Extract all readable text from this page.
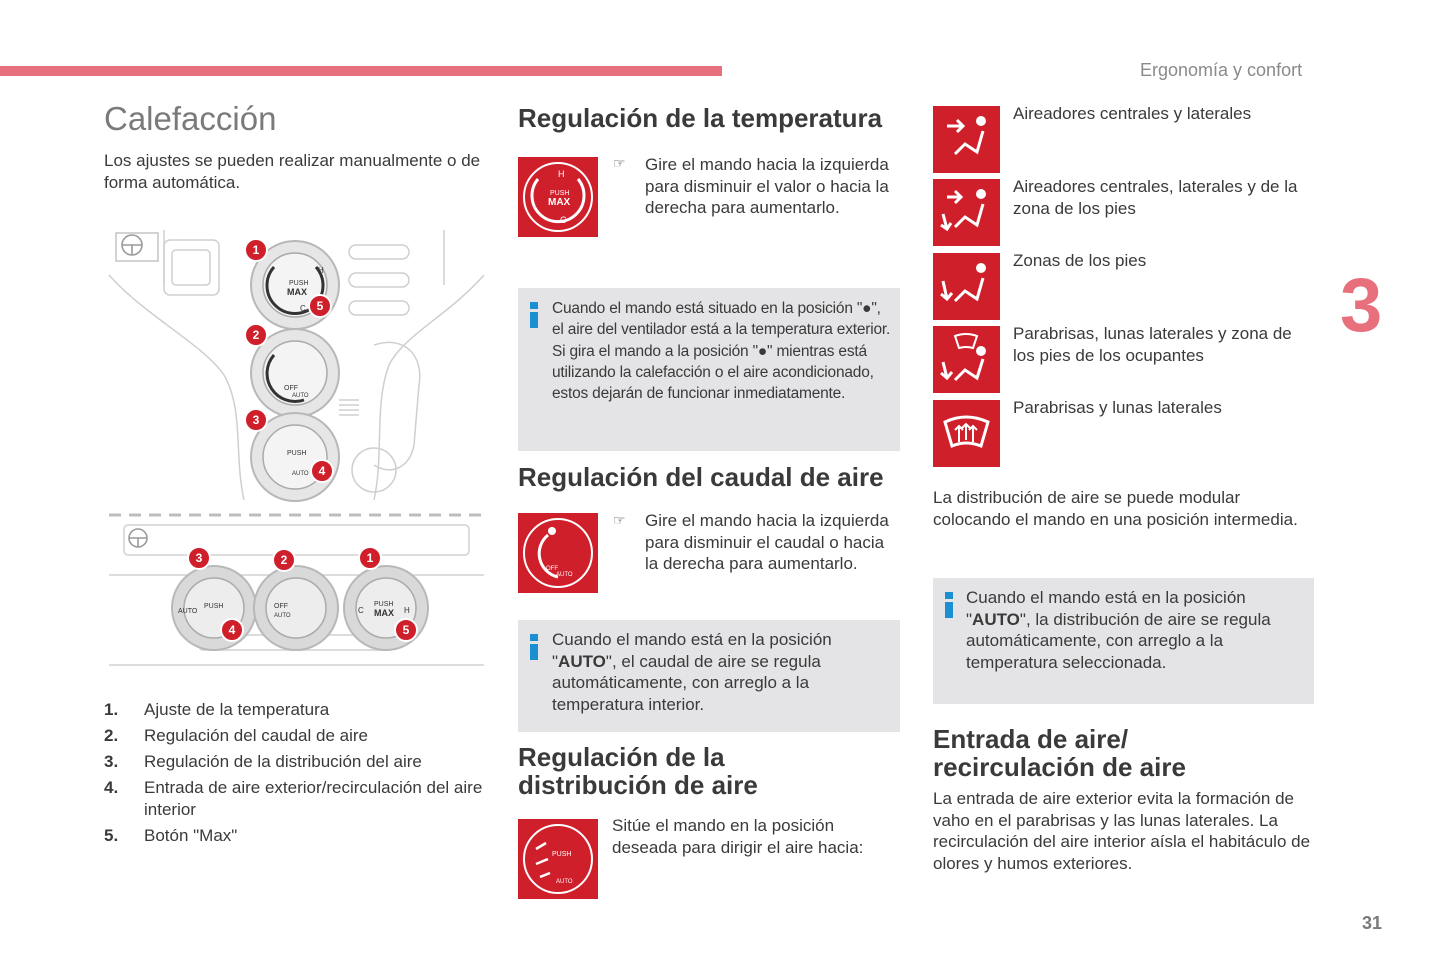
Ergonomía y confort
3
31
Calefacción
Los ajustes se pueden realizar manualmente o de forma automática.
PUSH
MAX
H
C
OFF
AUTO
PUSH
AUTO
AUTO
PUSH	OFF
AUTO
PUSH
MAX
C	H
1
5
2
3
4
3	2	1
4	5
1. Ajuste de la temperatura
2. Regulación del caudal de aire
3. Regulación de la distribución del aire
4. Entrada de aire exterior/recirculación del aire interior
5. Botón "Max"
Regulación de la temperatura
PUSH
MAX
H
C
☞ Gire el mando hacia la izquierda para disminuir el valor o hacia la derecha para aumentarlo.
Cuando el mando está situado en la posición "●", el aire del ventilador está a la temperatura exterior.
Si gira el mando a la posición "●" mientras está utilizando la calefacción o el aire acondicionado, estos dejarán de funcionar inmediatamente.
Regulación del caudal de aire
OFF
AUTO
☞ Gire el mando hacia la izquierda para disminuir el caudal o hacia la derecha para aumentarlo.
Cuando el mando está en la posición "AUTO", el caudal de aire se regula automáticamente, con arreglo a la temperatura interior.
Regulación de la distribución de aire
PUSH
AUTO
Sitúe el mando en la posición deseada para dirigir el aire hacia:
Aireadores centrales y laterales
Aireadores centrales, laterales y de la zona de los pies
Zonas de los pies
Parabrisas, lunas laterales y zona de los pies de los ocupantes
Parabrisas y lunas laterales
La distribución de aire se puede modular colocando el mando en una posición intermedia.
Cuando el mando está en la posición "AUTO", la distribución de aire se regula automáticamente, con arreglo a la temperatura seleccionada.
Entrada de aire/ recirculación de aire
La entrada de aire exterior evita la formación de vaho en el parabrisas y las lunas laterales. La recirculación del aire interior aísla el habitáculo de olores y humos exteriores.
